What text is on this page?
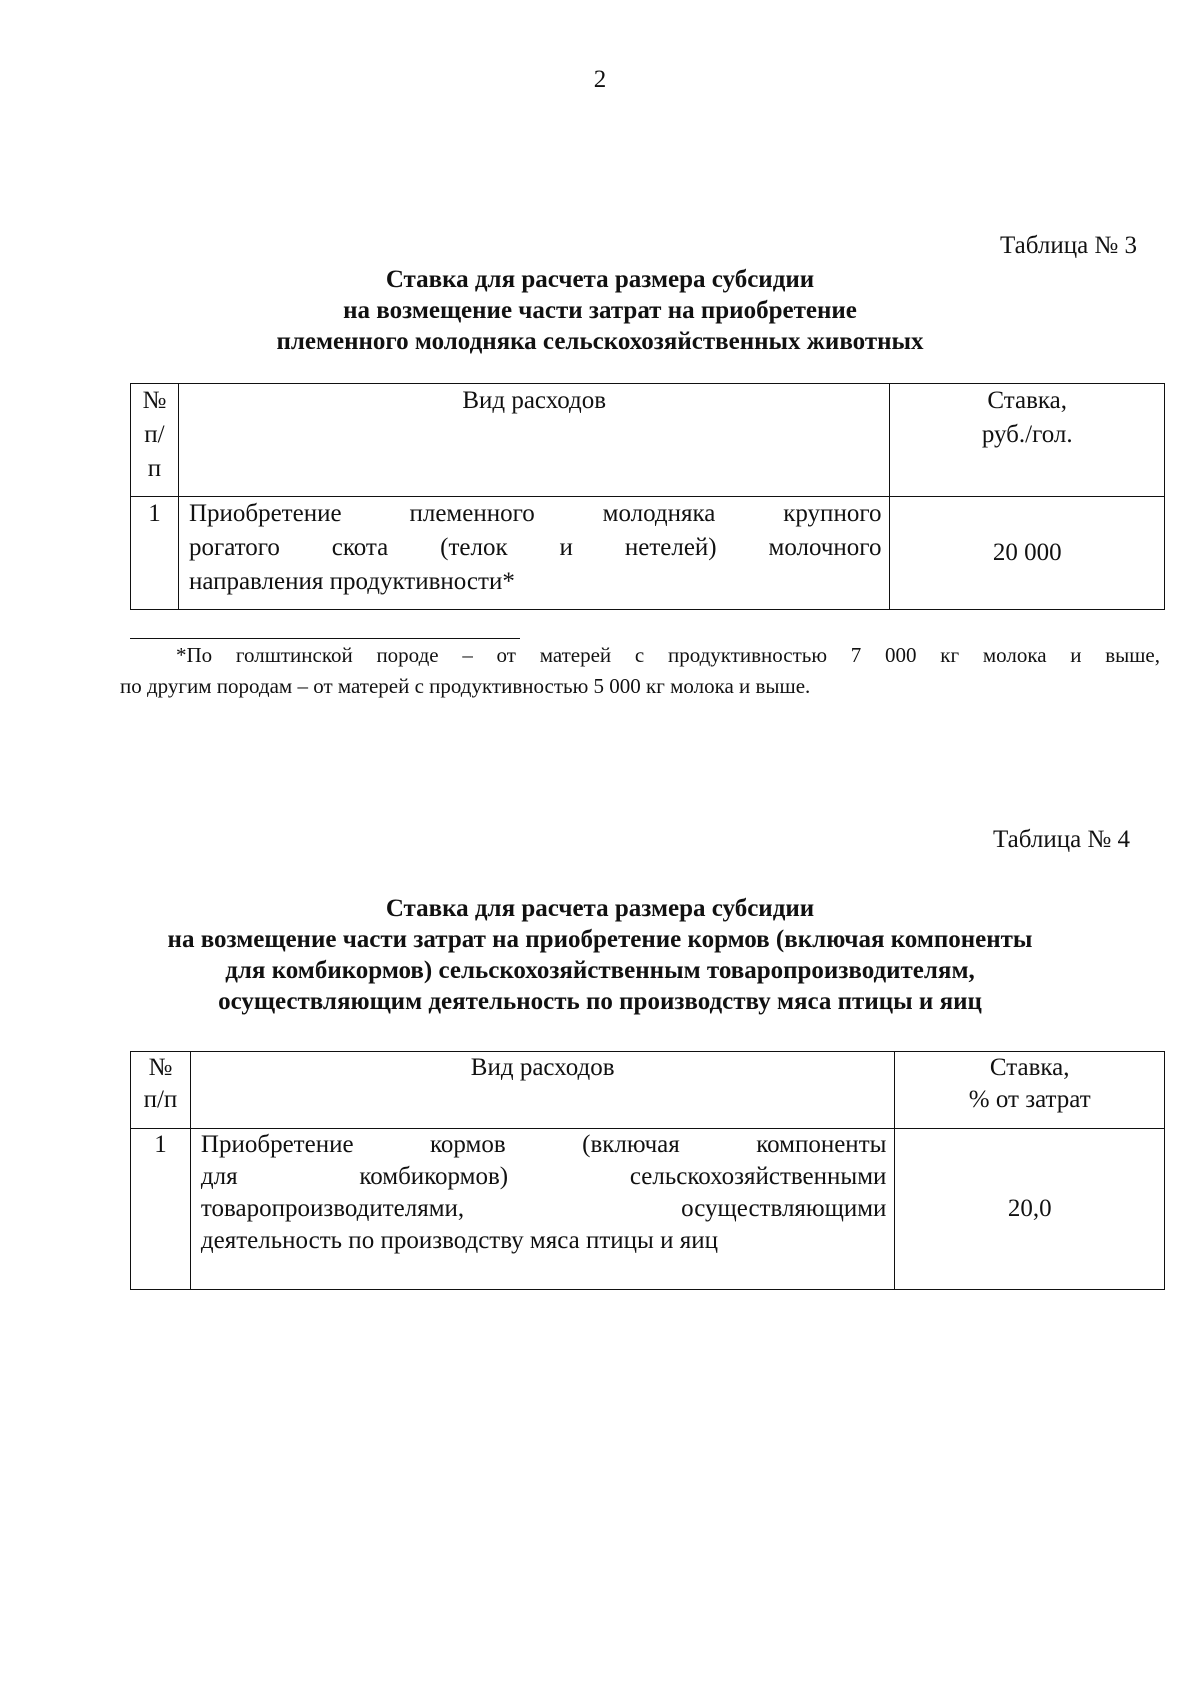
2
Таблица № 3
Ставка для расчета размера субсидии
на возмещение части затрат на приобретение
племенного молодняка сельскохозяйственных животных
№
п/
п	Вид расходов	Ставка,
руб./гол.

1	Приобретение племенного молодняка крупного
рогатого скота (телок и нетелей) молочного
направления продуктивности*	20 000
*По голштинской породе – от матерей с продуктивностью 7 000 кг молока и выше,
по другим породам – от матерей с продуктивностью 5 000 кг молока и выше.
Таблица № 4
Ставка для расчета размера субсидии
на возмещение части затрат на приобретение кормов (включая компоненты
для комбикормов) сельскохозяйственным товаропроизводителям,
осуществляющим деятельность по производству мяса птицы и яиц
№
п/п	Вид расходов	Ставка,
% от затрат

1	Приобретение кормов (включая компоненты
для комбикормов) сельскохозяйственными
товаропроизводителями, осуществляющими
деятельность по производству мяса птицы и яиц	20,0
